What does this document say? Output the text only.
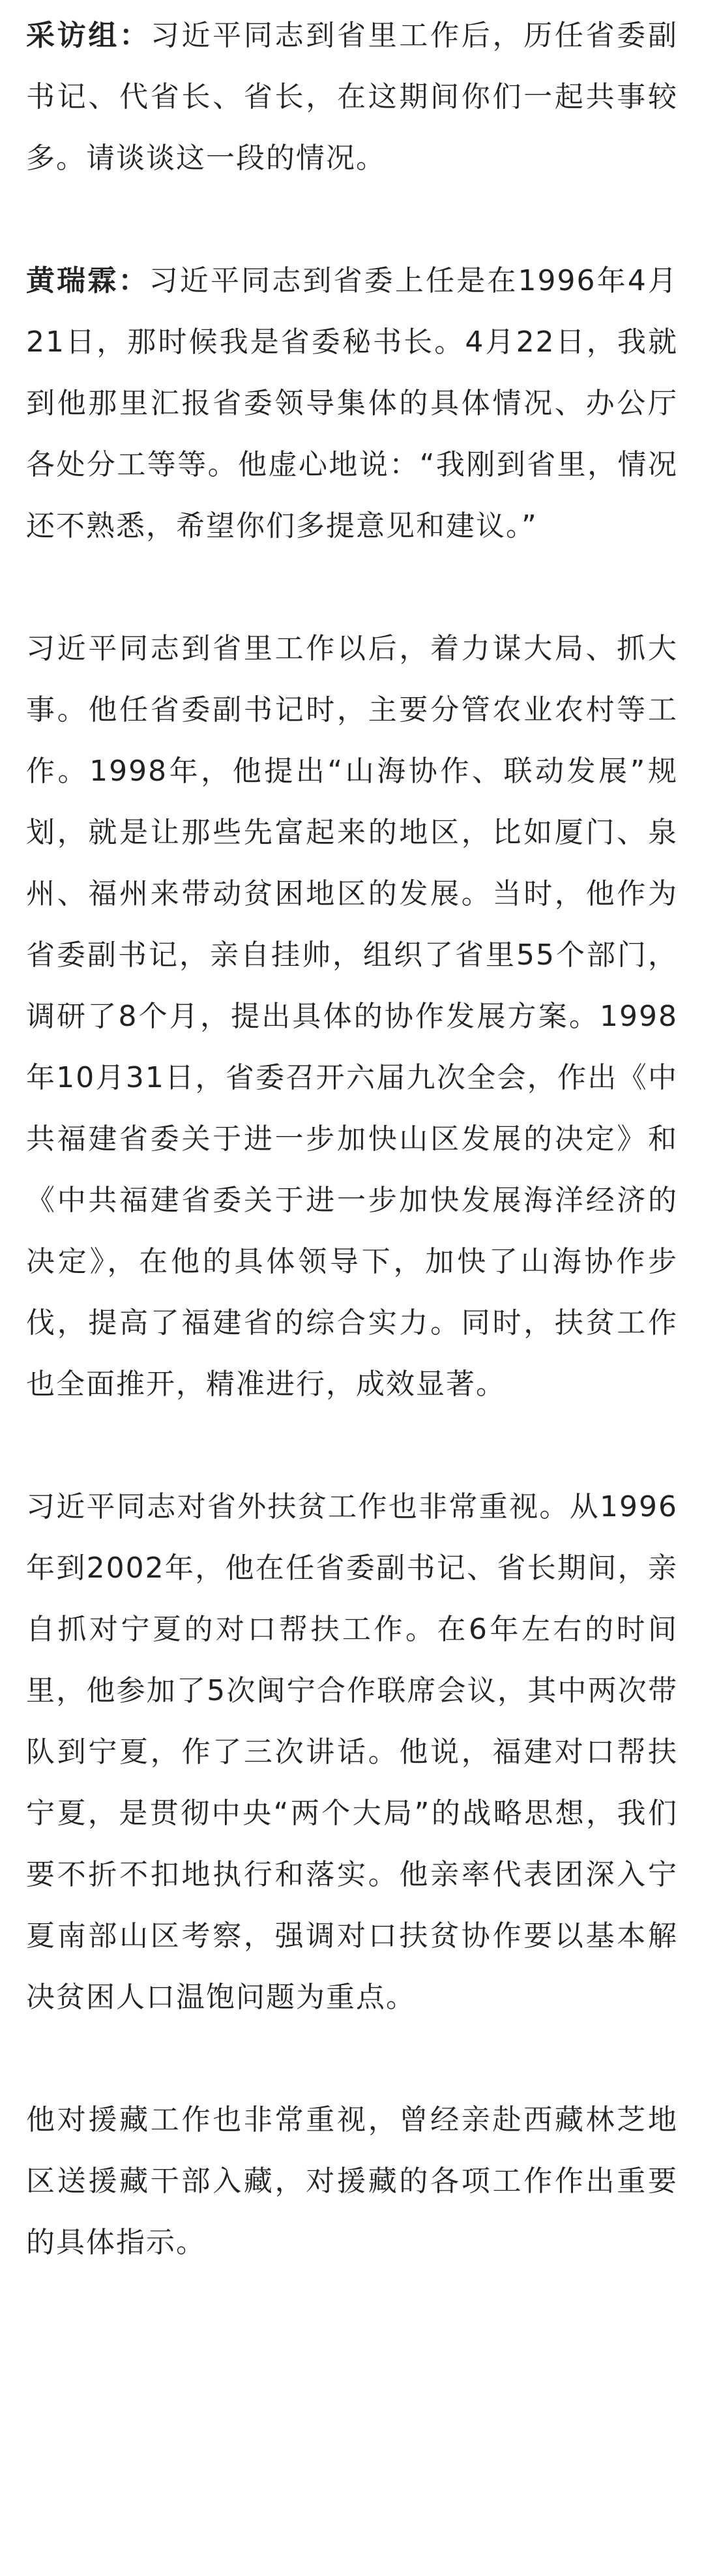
采访组：习近平同志到省里工作后，历任省委副书记、代省长、省长，在这期间你们一起共事较多。请谈谈这一段的情况。

黄瑞霖：习近平同志到省委上任是在1996年4月21日，那时候我是省委秘书长。4月22日，我就到他那里汇报省委领导集体的具体情况、办公厅各处分工等等。他虚心地说：“我刚到省里，情况还不熟悉，希望你们多提意见和建议。”

习近平同志到省里工作以后，着力谋大局、抓大事。他任省委副书记时，主要分管农业农村等工作。1998年，他提出“山海协作、联动发展”规划，就是让那些先富起来的地区，比如厦门、泉州、福州来带动贫困地区的发展。当时，他作为省委副书记，亲自挂帅，组织了省里55个部门，调研了8个月，提出具体的协作发展方案。1998年10月31日，省委召开六届九次全会，作出《中共福建省委关于进一步加快山区发展的决定》和《中共福建省委关于进一步加快发展海洋经济的决定》，在他的具体领导下，加快了山海协作步伐，提高了福建省的综合实力。同时，扶贫工作也全面推开，精准进行，成效显著。

习近平同志对省外扶贫工作也非常重视。从1996年到2002年，他在任省委副书记、省长期间，亲自抓对宁夏的对口帮扶工作。在6年左右的时间里，他参加了5次闽宁合作联席会议，其中两次带队到宁夏，作了三次讲话。他说，福建对口帮扶宁夏，是贯彻中央“两个大局”的战略思想，我们要不折不扣地执行和落实。他亲率代表团深入宁夏南部山区考察，强调对口扶贫协作要以基本解决贫困人口温饱问题为重点。

他对援藏工作也非常重视，曾经亲赴西藏林芝地区送援藏干部入藏，对援藏的各项工作作出重要的具体指示。
